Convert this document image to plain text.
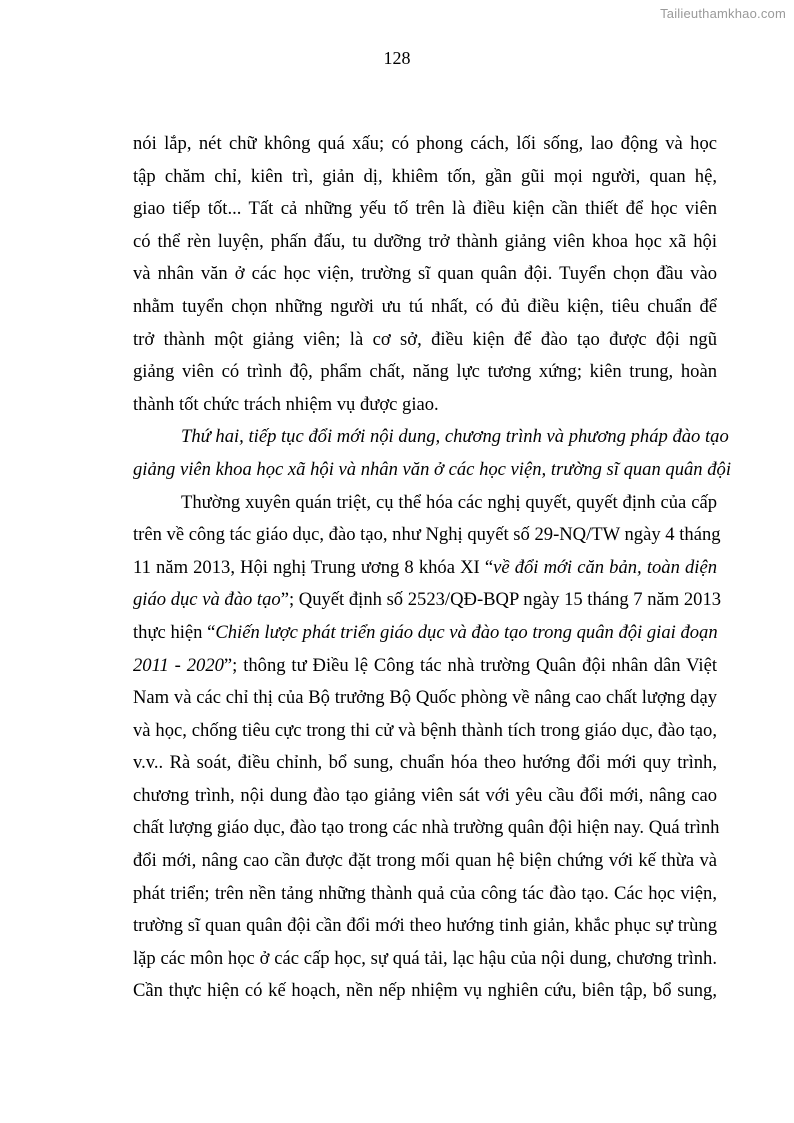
Tailieuthamkhao.com
128
nói lắp, nét chữ không quá xấu; có phong cách, lối sống, lao động và học
tập chăm chỉ, kiên trì, giản dị, khiêm tốn, gần gũi mọi người, quan hệ,
giao tiếp tốt... Tất cả những yếu tố trên là điều kiện cần thiết để học viên
có thể rèn luyện, phấn đấu, tu dưỡng trở thành giảng viên khoa học xã hội
và nhân văn ở các học viện, trường sĩ quan quân đội. Tuyển chọn đầu vào
nhằm tuyển chọn những người ưu tú nhất, có đủ điều kiện, tiêu chuẩn để
trở thành một giảng viên; là cơ sở, điều kiện để đào tạo được đội ngũ
giảng viên có trình độ, phẩm chất, năng lực tương xứng; kiên trung, hoàn
thành tốt chức trách nhiệm vụ được giao.
Thứ hai, tiếp tục đổi mới nội dung, chương trình và phương pháp đào tạo
giảng viên khoa học xã hội và nhân văn ở các học viện, trường sĩ quan quân đội
Thường xuyên quán triệt, cụ thể hóa các nghị quyết, quyết định của cấp
trên về công tác giáo dục, đào tạo, như Nghị quyết số 29-NQ/TW ngày 4 tháng
11 năm 2013, Hội nghị Trung ương 8 khóa XI “về đổi mới căn bản, toàn diện
giáo dục và đào tạo”; Quyết định số 2523/QĐ-BQP ngày 15 tháng 7 năm 2013
thực hiện “Chiến lược phát triển giáo dục và đào tạo trong quân đội giai đoạn
2011 - 2020”; thông tư Điều lệ Công tác nhà trường Quân đội nhân dân Việt
Nam và các chỉ thị của Bộ trưởng Bộ Quốc phòng về nâng cao chất lượng dạy
và học, chống tiêu cực trong thi cử và bệnh thành tích trong giáo dục, đào tạo,
v.v.. Rà soát, điều chỉnh, bổ sung, chuẩn hóa theo hướng đổi mới quy trình,
chương trình, nội dung đào tạo giảng viên sát với yêu cầu đổi mới, nâng cao
chất lượng giáo dục, đào tạo trong các nhà trường quân đội hiện nay. Quá trình
đổi mới, nâng cao cần được đặt trong mối quan hệ biện chứng với kế thừa và
phát triển; trên nền tảng những thành quả của công tác đào tạo. Các học viện,
trường sĩ quan quân đội cần đổi mới theo hướng tinh giản, khắc phục sự trùng
lặp các môn học ở các cấp học, sự quá tải, lạc hậu của nội dung, chương trình.
Cần thực hiện có kế hoạch, nền nếp nhiệm vụ nghiên cứu, biên tập, bổ sung,
